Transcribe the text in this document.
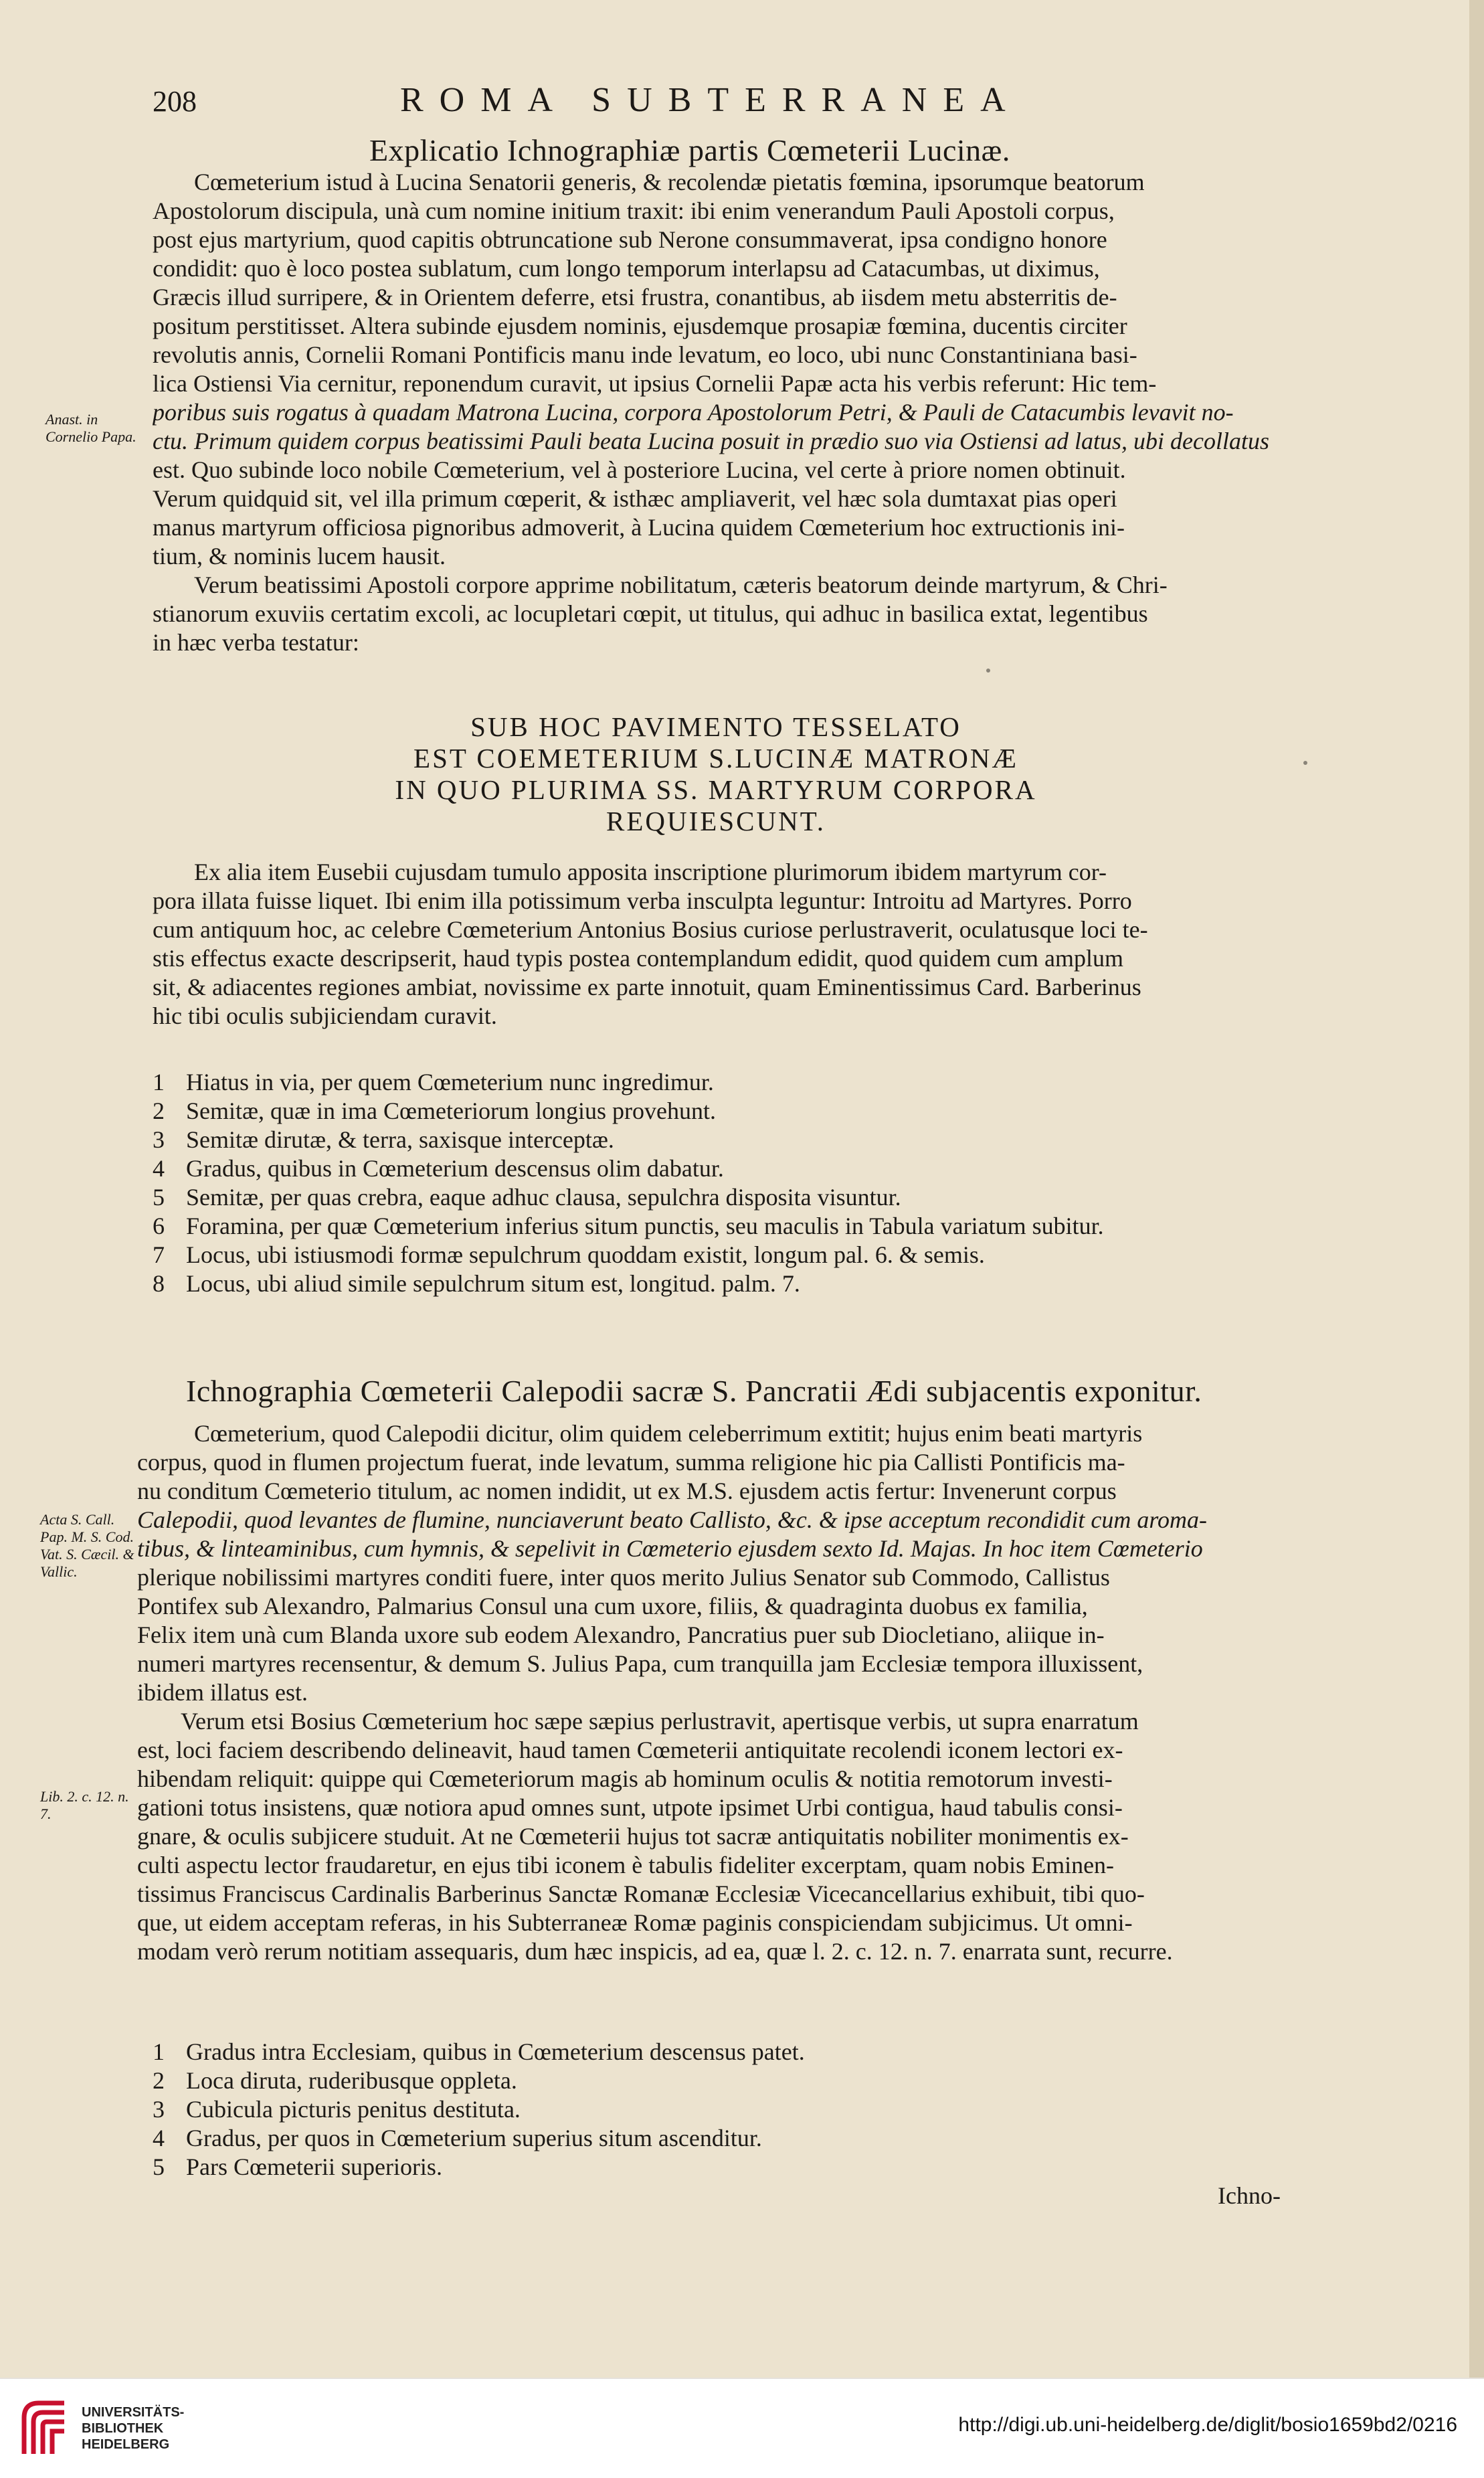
208	ROMA SUBTERRANEA
Explicatio Ichnographiæ partis Cœmeterii Lucinæ.
Cœmeterium istud à Lucina Senatorii generis, & recolendæ pietatis fœmina, ipsorumque beatorum
Apostolorum discipula, unà cum nomine initium traxit: ibi enim venerandum Pauli Apostoli corpus,
post ejus martyrium, quod capitis obtruncatione sub Nerone consummaverat, ipsa condigno honore
condidit: quo è loco postea sublatum, cum longo temporum interlapsu ad Catacumbas, ut diximus,
Græcis illud surripere, & in Orientem deferre, etsi frustra, conantibus, ab iisdem metu absterritis de-
positum perstitisset. Altera subinde ejusdem nominis, ejusdemque prosapiæ fœmina, ducentis circiter
revolutis annis, Cornelii Romani Pontificis manu inde levatum, eo loco, ubi nunc Constantiniana basi-
lica Ostiensi Via cernitur, reponendum curavit, ut ipsius Cornelii Papæ acta his verbis referunt: Hic tem-
poribus suis rogatus à quadam Matrona Lucina, corpora Apostolorum Petri, & Pauli de Catacumbis levavit no-
ctu. Primum quidem corpus beatissimi Pauli beata Lucina posuit in prædio suo via Ostiensi ad latus, ubi decollatus
est. Quo subinde loco nobile Cœmeterium, vel à posteriore Lucina, vel certe à priore nomen obtinuit.
Verum quidquid sit, vel illa primum cœperit, & isthæc ampliaverit, vel hæc sola dumtaxat pias operi
manus martyrum officiosa pignoribus admoverit, à Lucina quidem Cœmeterium hoc extructionis ini-
tium, & nominis lucem hausit.
Verum beatissimi Apostoli corpore apprime nobilitatum, cæteris beatorum deinde martyrum, & Chri-
stianorum exuviis certatim excoli, ac locupletari cœpit, ut titulus, qui adhuc in basilica extat, legentibus
in hæc verba testatur:
Anast. in Cornelio Papa.
SUB HOC PAVIMENTO TESSELATO
EST COEMETERIUM S.LUCINÆ MATRONÆ
IN QUO PLURIMA SS. MARTYRUM CORPORA
REQUIESCUNT.
Ex alia item Eusebii cujusdam tumulo apposita inscriptione plurimorum ibidem martyrum cor-
pora illata fuisse liquet. Ibi enim illa potissimum verba insculpta leguntur: Introitu ad Martyres. Porro
cum antiquum hoc, ac celebre Cœmeterium Antonius Bosius curiose perlustraverit, oculatusque loci te-
stis effectus exacte descripserit, haud typis postea contemplandum edidit, quod quidem cum amplum
sit, & adiacentes regiones ambiat, novissime ex parte innotuit, quam Eminentissimus Card. Barberinus
hic tibi oculis subjiciendam curavit.
1 Hiatus in via, per quem Cœmeterium nunc ingredimur.
2 Semitæ, quæ in ima Cœmeteriorum longius provehunt.
3 Semitæ dirutæ, & terra, saxisque interceptæ.
4 Gradus, quibus in Cœmeterium descensus olim dabatur.
5 Semitæ, per quas crebra, eaque adhuc clausa, sepulchra disposita visuntur.
6 Foramina, per quæ Cœmeterium inferius situm punctis, seu maculis in Tabula variatum subitur.
7 Locus, ubi istiusmodi formæ sepulchrum quoddam existit, longum pal. 6. & semis.
8 Locus, ubi aliud simile sepulchrum situm est, longitud. palm. 7.
Ichnographia Cœmeterii Calepodii sacræ S. Pancratii Ædi subjacentis exponitur.
Cœmeterium, quod Calepodii dicitur, olim quidem celeberrimum extitit; hujus enim beati martyris
corpus, quod in flumen projectum fuerat, inde levatum, summa religione hic pia Callisti Pontificis ma-
nu conditum Cœmeterio titulum, ac nomen indidit, ut ex M.S. ejusdem actis fertur: Invenerunt corpus
Calepodii, quod levantes de flumine, nunciaverunt beato Callisto, &c. & ipse acceptum recondidit cum aroma-
tibus, & linteaminibus, cum hymnis, & sepelivit in Cœmeterio ejusdem sexto Id. Majas. In hoc item Cœmeterio
plerique nobilissimi martyres conditi fuere, inter quos merito Julius Senator sub Commodo, Callistus
Pontifex sub Alexandro, Palmarius Consul una cum uxore, filiis, & quadraginta duobus ex familia,
Felix item unà cum Blanda uxore sub eodem Alexandro, Pancratius puer sub Diocletiano, aliique in-
numeri martyres recensentur, & demum S. Julius Papa, cum tranquilla jam Ecclesiæ tempora illuxissent,
ibidem illatus est.
Verum etsi Bosius Cœmeterium hoc sæpe sæpius perlustravit, apertisque verbis, ut supra enarratum
est, loci faciem describendo delineavit, haud tamen Cœmeterii antiquitate recolendi iconem lectori ex-
hibendam reliquit: quippe qui Cœmeteriorum magis ab hominum oculis & notitia remotorum investi-
gationi totus insistens, quæ notiora apud omnes sunt, utpote ipsimet Urbi contigua, haud tabulis consi-
gnare, & oculis subjicere studuit. At ne Cœmeterii hujus tot sacræ antiquitatis nobiliter monimentis ex-
culti aspectu lector fraudaretur, en ejus tibi iconem è tabulis fideliter excerptam, quam nobis Eminen-
tissimus Franciscus Cardinalis Barberinus Sanctæ Romanæ Ecclesiæ Vicecancellarius exhibuit, tibi quo-
que, ut eidem acceptam referas, in his Subterraneæ Romæ paginis conspiciendam subjicimus. Ut omni-
modam verò rerum notitiam assequaris, dum hæc inspicis, ad ea, quæ l. 2. c. 12. n. 7. enarrata sunt, recurre.
Acta S. Call. Pap. M. S. Cod. Vat. S. Cæcil. & Vallic.
Lib. 2. c. 12. n. 7.
1 Gradus intra Ecclesiam, quibus in Cœmeterium descensus patet.
2 Loca diruta, ruderibusque oppleta.
3 Cubicula picturis penitus destituta.
4 Gradus, per quos in Cœmeterium superius situm ascenditur.
5 Pars Cœmeterii superioris.
Ichno-
UNIVERSITÄTS-
BIBLIOTHEK
HEIDELBERG
http://digi.ub.uni-heidelberg.de/diglit/bosio1659bd2/0216
